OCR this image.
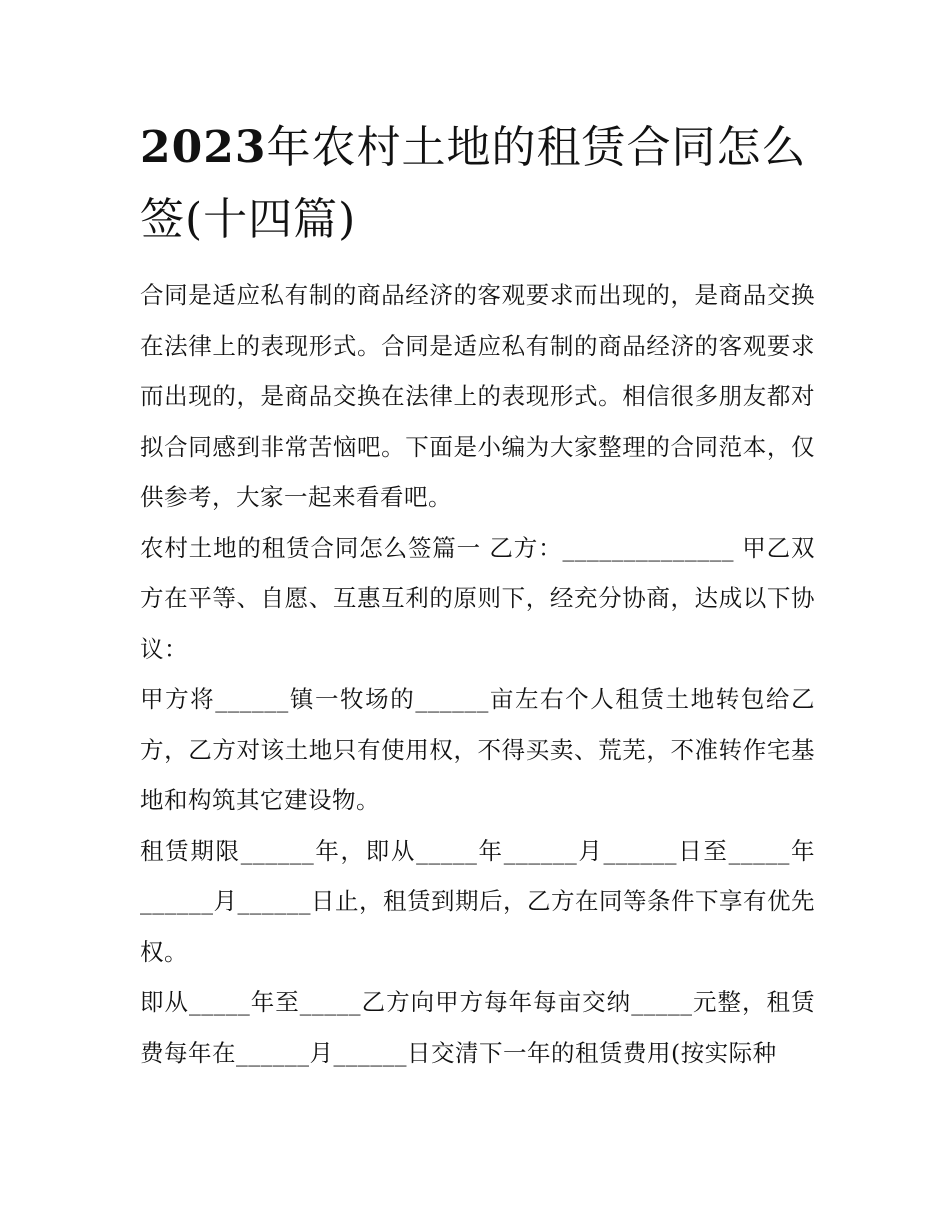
2023年农村土地的租赁合同怎么签(十四篇)

合同是适应私有制的商品经济的客观要求而出现的，是商品交换在法律上的表现形式。合同是适应私有制的商品经济的客观要求而出现的，是商品交换在法律上的表现形式。相信很多朋友都对拟合同感到非常苦恼吧。下面是小编为大家整理的合同范本，仅供参考，大家一起来看看吧。

农村土地的租赁合同怎么签篇一 乙方：______________ 甲乙双方在平等、自愿、互惠互利的原则下，经充分协商，达成以下协议：

甲方将______镇一牧场的______亩左右个人租赁土地转包给乙方，乙方对该土地只有使用权，不得买卖、荒芜，不准转作宅基地和构筑其它建设物。

租赁期限______年，即从_____年______月______日至_____年______月______日止，租赁到期后，乙方在同等条件下享有优先权。

即从_____年至_____乙方向甲方每年每亩交纳_____元整，租赁费每年在______月______日交清下一年的租赁费用(按实际种
